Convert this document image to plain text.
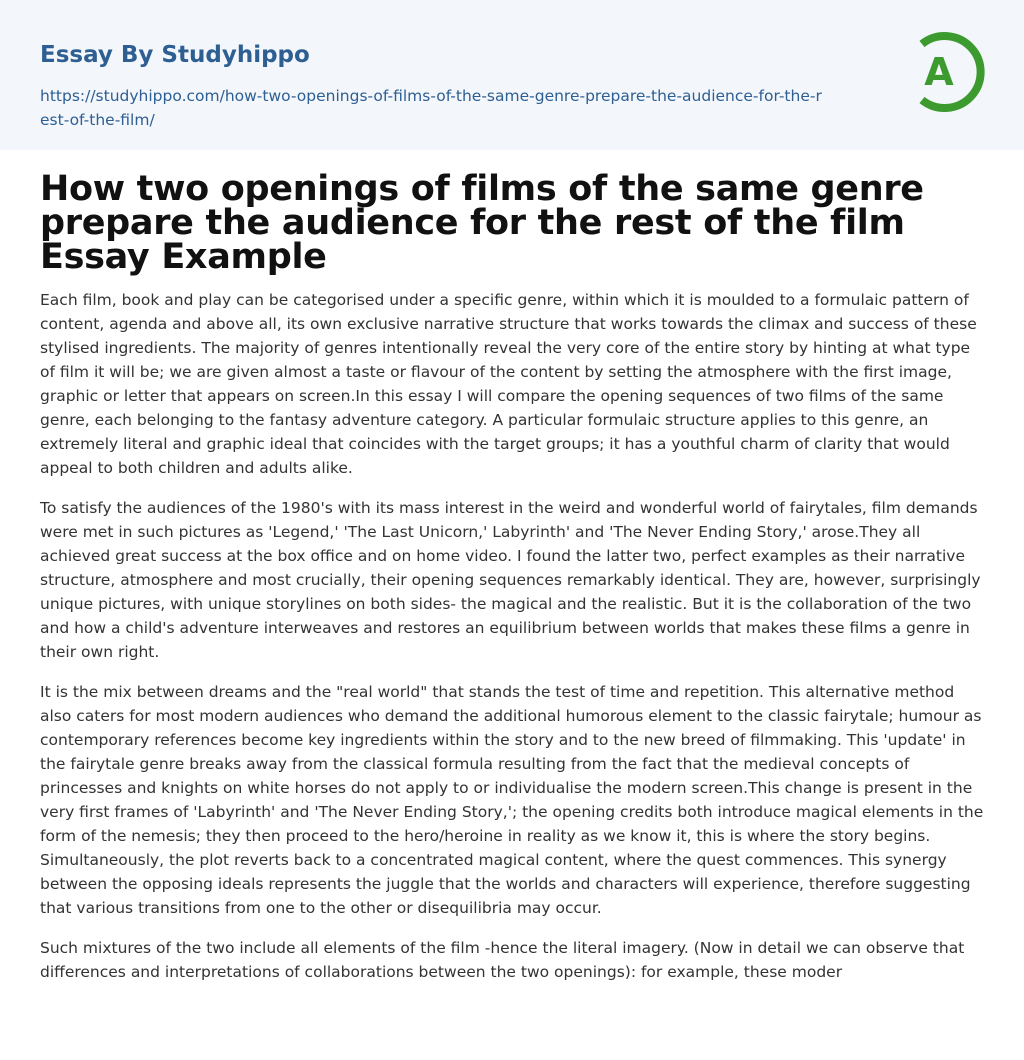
Essay By Studyhippo
https://studyhippo.com/how-two-openings-of-films-of-the-same-genre-prepare-the-audience-for-the-rest-of-the-film/
A
How two openings of films of the same genre prepare the audience for the rest of the film Essay Example

Each film, book and play can be categorised under a specific genre, within which it is moulded to a formulaic pattern of content, agenda and above all, its own exclusive narrative structure that works towards the climax and success of these stylised ingredients. The majority of genres intentionally reveal the very core of the entire story by hinting at what type of film it will be; we are given almost a taste or flavour of the content by setting the atmosphere with the first image, graphic or letter that appears on screen.In this essay I will compare the opening sequences of two films of the same genre, each belonging to the fantasy adventure category. A particular formulaic structure applies to this genre, an extremely literal and graphic ideal that coincides with the target groups; it has a youthful charm of clarity that would appeal to both children and adults alike.

To satisfy the audiences of the 1980's with its mass interest in the weird and wonderful world of fairytales, film demands were met in such pictures as 'Legend,' 'The Last Unicorn,' Labyrinth' and 'The Never Ending Story,' arose.They all achieved great success at the box office and on home video. I found the latter two, perfect examples as their narrative structure, atmosphere and most crucially, their opening sequences remarkably identical. They are, however, surprisingly unique pictures, with unique storylines on both sides- the magical and the realistic. But it is the collaboration of the two and how a child's adventure interweaves and restores an equilibrium between worlds that makes these films a genre in their own right.

It is the mix between dreams and the "real world" that stands the test of time and repetition. This alternative method also caters for most modern audiences who demand the additional humorous element to the classic fairytale; humour as contemporary references become key ingredients within the story and to the new breed of filmmaking. This 'update' in the fairytale genre breaks away from the classical formula resulting from the fact that the medieval concepts of princesses and knights on white horses do not apply to or individualise the modern screen.This change is present in the very first frames of 'Labyrinth' and 'The Never Ending Story,'; the opening credits both introduce magical elements in the form of the nemesis; they then proceed to the hero/heroine in reality as we know it, this is where the story begins. Simultaneously, the plot reverts back to a concentrated magical content, where the quest commences. This synergy between the opposing ideals represents the juggle that the worlds and characters will experience, therefore suggesting that various transitions from one to the other or disequilibria may occur.

Such mixtures of the two include all elements of the film -hence the literal imagery. (Now in detail we can observe that differences and interpretations of collaborations between the two openings): for example, these moder
